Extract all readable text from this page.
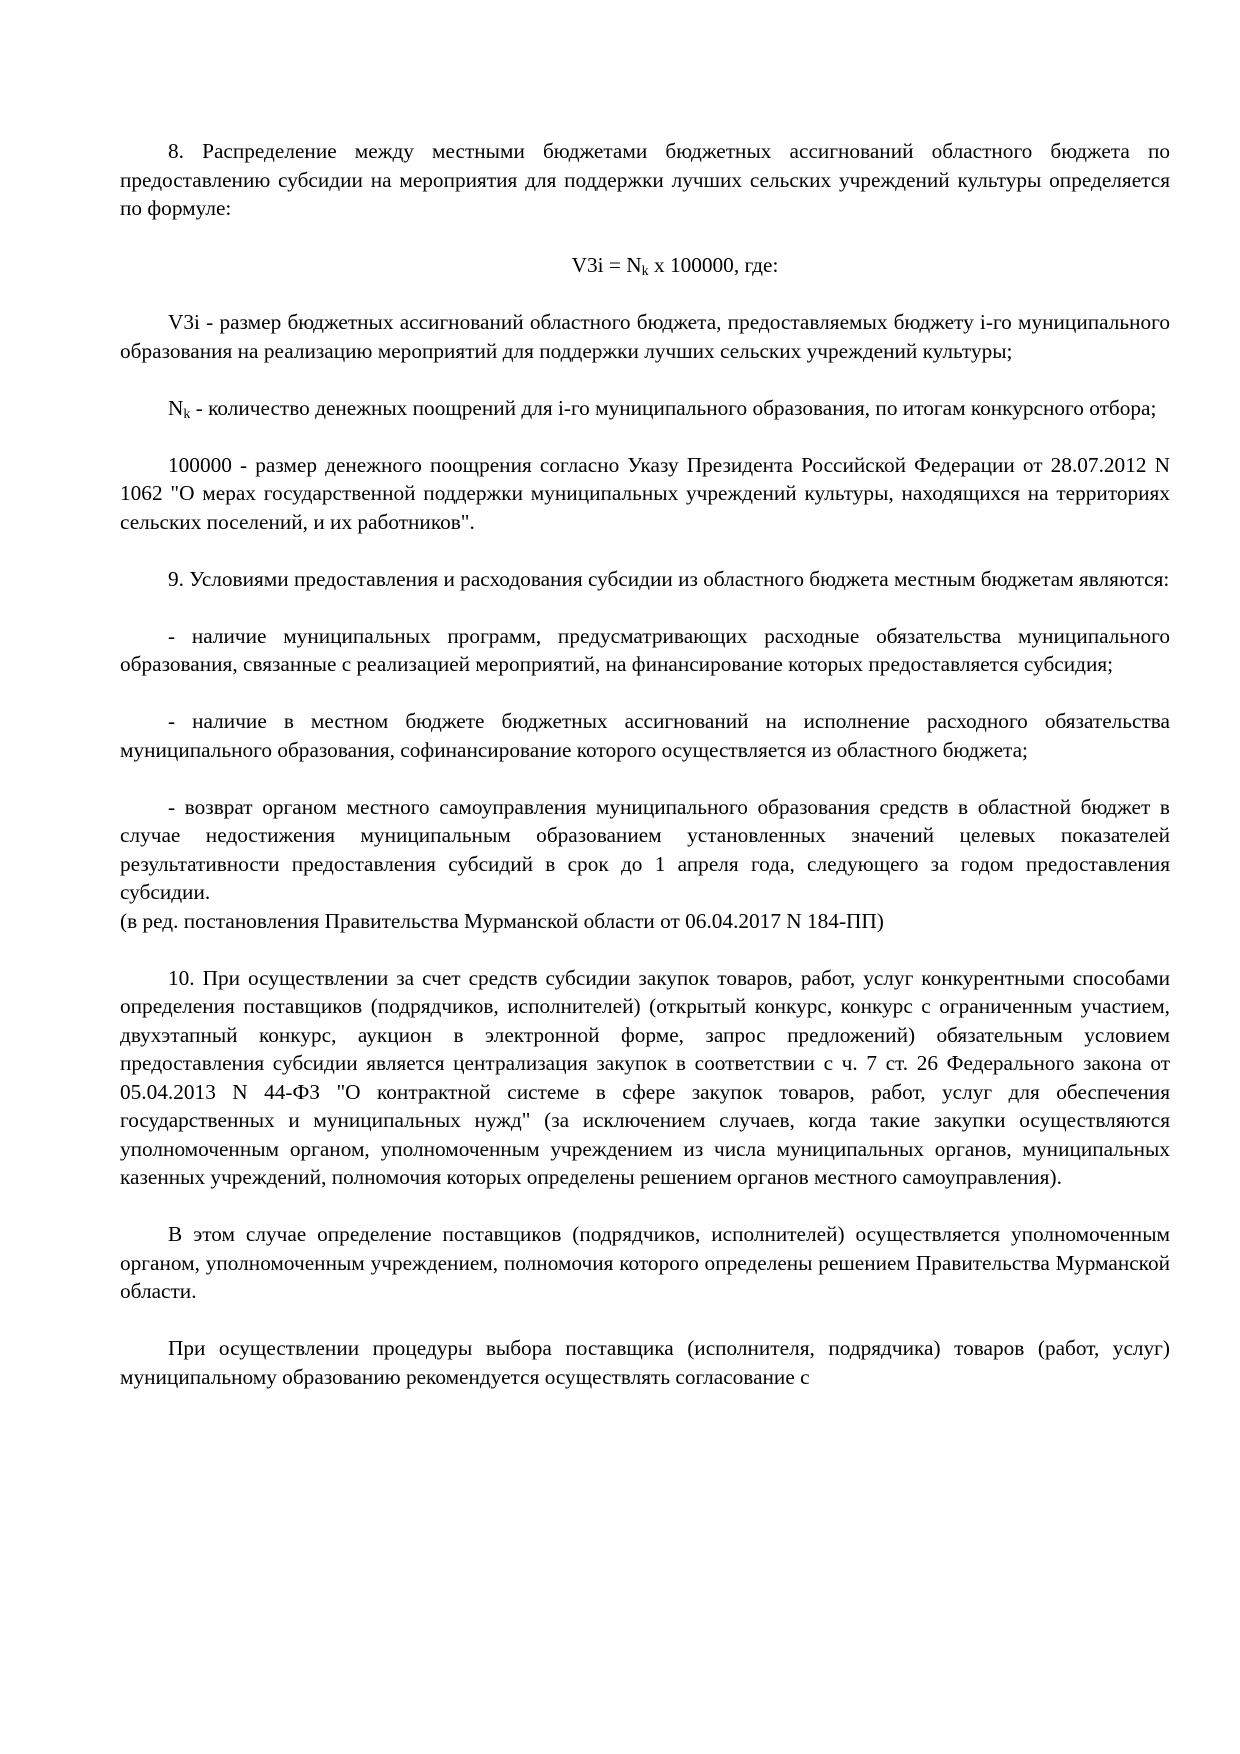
8. Распределение между местными бюджетами бюджетных ассигнований областного бюджета по предоставлению субсидии на мероприятия для поддержки лучших сельских учреждений культуры определяется по формуле:

$V3i = N_k$ x 100000, где:

V3i - размер бюджетных ассигнований областного бюджета, предоставляемых бюджету i-го муниципального образования на реализацию мероприятий для поддержки лучших сельских учреждений культуры;

$N_k$ - количество денежных поощрений для i-го муниципального образования, по итогам конкурсного отбора;

100000 - размер денежного поощрения согласно Указу Президента Российской Федерации от 28.07.2012 N 1062 "О мерах государственной поддержки муниципальных учреждений культуры, находящихся на территориях сельских поселений, и их работников".

9. Условиями предоставления и расходования субсидии из областного бюджета местным бюджетам являются:

- наличие муниципальных программ, предусматривающих расходные обязательства муниципального образования, связанные с реализацией мероприятий, на финансирование которых предоставляется субсидия;

- наличие в местном бюджете бюджетных ассигнований на исполнение расходного обязательства муниципального образования, софинансирование которого осуществляется из областного бюджета;

- возврат органом местного самоуправления муниципального образования средств в областной бюджет в случае недостижения муниципальным образованием установленных значений целевых показателей результативности предоставления субсидий в срок до 1 апреля года, следующего за годом предоставления субсидии.

(в ред. постановления Правительства Мурманской области от 06.04.2017 N 184-ПП)

10. При осуществлении за счет средств субсидии закупок товаров, работ, услуг конкурентными способами определения поставщиков (подрядчиков, исполнителей) (открытый конкурс, конкурс с ограниченным участием, двухэтапный конкурс, аукцион в электронной форме, запрос предложений) обязательным условием предоставления субсидии является централизация закупок в соответствии с ч. 7 ст. 26 Федерального закона от 05.04.2013 N 44-ФЗ "О контрактной системе в сфере закупок товаров, работ, услуг для обеспечения государственных и муниципальных нужд" (за исключением случаев, когда такие закупки осуществляются уполномоченным органом, уполномоченным учреждением из числа муниципальных органов, муниципальных казенных учреждений, полномочия которых определены решением органов местного самоуправления).

В этом случае определение поставщиков (подрядчиков, исполнителей) осуществляется уполномоченным органом, уполномоченным учреждением, полномочия которого определены решением Правительства Мурманской области.

При осуществлении процедуры выбора поставщика (исполнителя, подрядчика) товаров (работ, услуг) муниципальному образованию рекомендуется осуществлять согласование с
